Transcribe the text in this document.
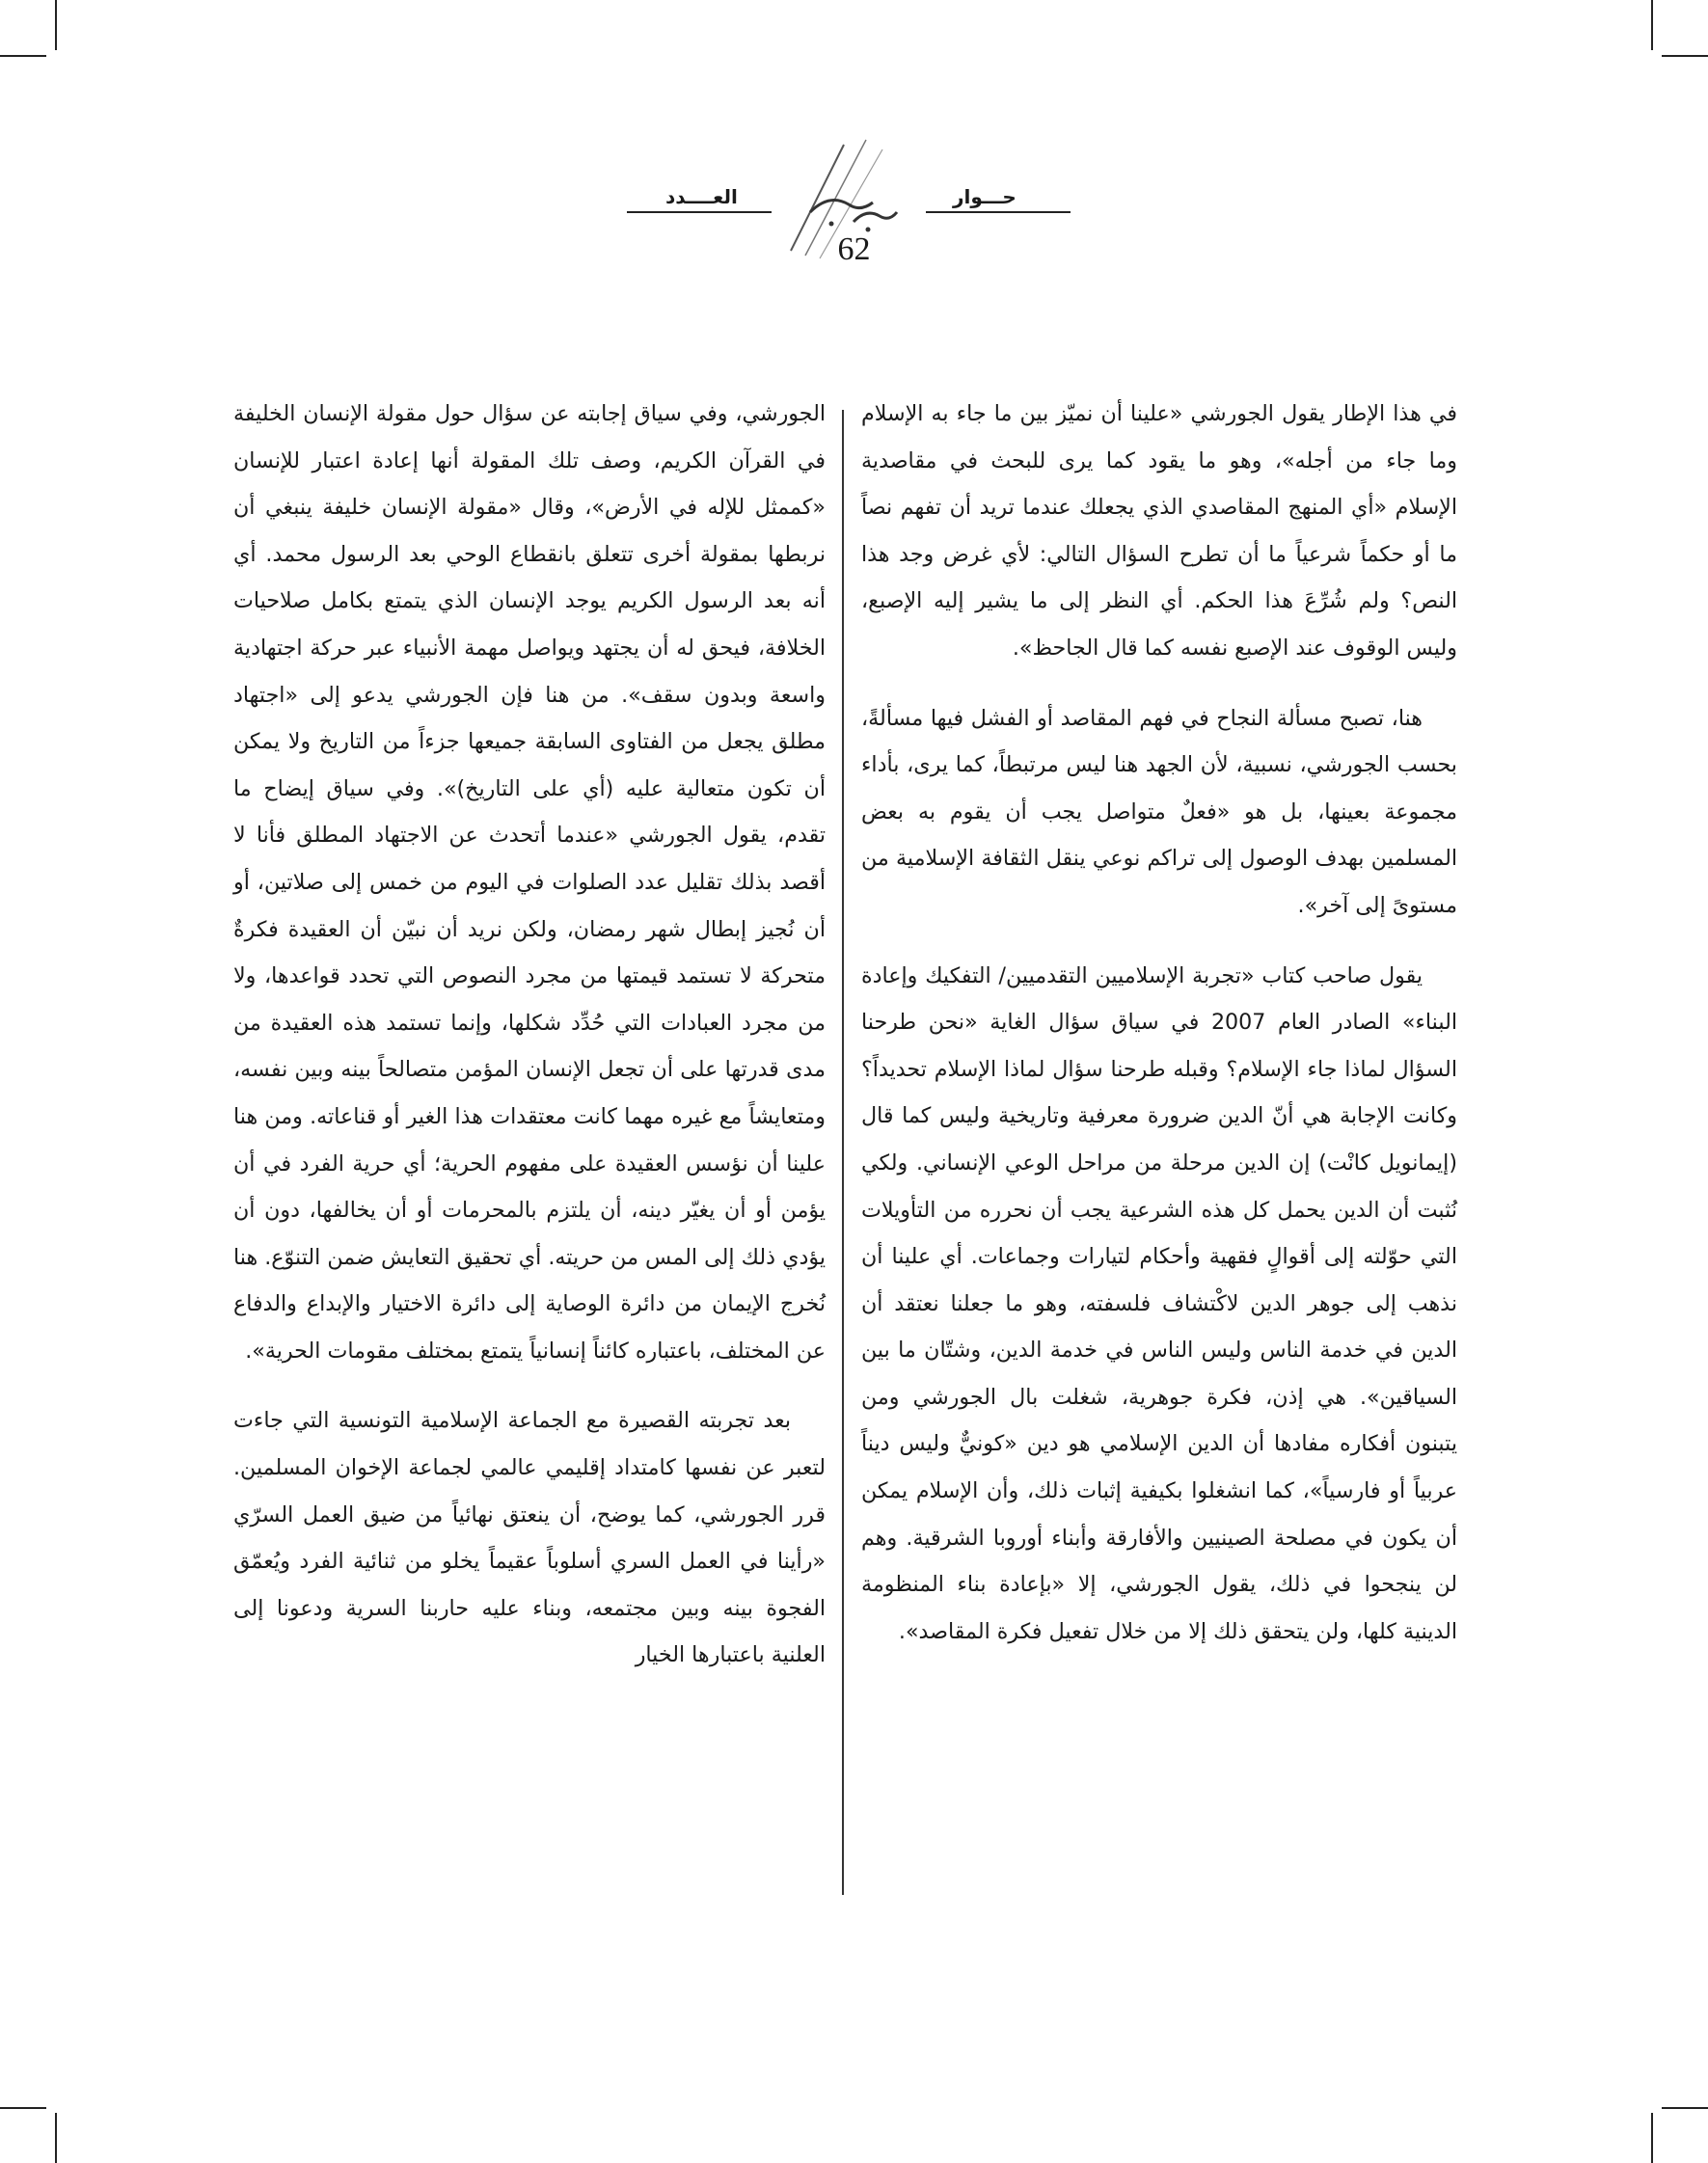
العــــدد	حـــوار
62

في هذا الإطار يقول الجورشي «علينا أن نميّز بين ما جاء به الإسلام وما جاء من أجله»، وهو ما يقود كما يرى للبحث في مقاصدية الإسلام «أي المنهج المقاصدي الذي يجعلك عندما تريد أن تفهم نصاً ما أو حكماً شرعياً ما أن تطرح السؤال التالي: لأي غرض وجد هذا النص؟ ولم شُرِّعَ هذا الحكم. أي النظر إلى ما يشير إليه الإصبع، وليس الوقوف عند الإصبع نفسه كما قال الجاحظ».

هنا، تصبح مسألة النجاح في فهم المقاصد أو الفشل فيها مسألةً، بحسب الجورشي، نسبية، لأن الجهد هنا ليس مرتبطاً، كما يرى، بأداء مجموعة بعينها، بل هو «فعلٌ متواصل يجب أن يقوم به بعض المسلمين بهدف الوصول إلى تراكم نوعي ينقل الثقافة الإسلامية من مستوىً إلى آخر».

يقول صاحب كتاب «تجربة الإسلاميين التقدميين/ التفكيك وإعادة البناء» الصادر العام 2007 في سياق سؤال الغاية «نحن طرحنا السؤال لماذا جاء الإسلام؟ وقبله طرحنا سؤال لماذا الإسلام تحديداً؟ وكانت الإجابة هي أنّ الدين ضرورة معرفية وتاريخية وليس كما قال (إيمانويل كانْت) إن الدين مرحلة من مراحل الوعي الإنساني. ولكي نُثبت أن الدين يحمل كل هذه الشرعية يجب أن نحرره من التأويلات التي حوّلته إلى أقوالٍ فقهية وأحكام لتيارات وجماعات. أي علينا أن نذهب إلى جوهر الدين لاكْتشاف فلسفته، وهو ما جعلنا نعتقد أن الدين في خدمة الناس وليس الناس في خدمة الدين، وشتّان ما بين السياقين». هي إذن، فكرة جوهرية، شغلت بال الجورشي ومن يتبنون أفكاره مفادها أن الدين الإسلامي هو دين «كونيٌّ وليس ديناً عربياً أو فارسياً»، كما انشغلوا بكيفية إثبات ذلك، وأن الإسلام يمكن أن يكون في مصلحة الصينيين والأفارقة وأبناء أوروبا الشرقية. وهم لن ينجحوا في ذلك، يقول الجورشي، إلا «بإعادة بناء المنظومة الدينية كلها، ولن يتحقق ذلك إلا من خلال تفعيل فكرة المقاصد».

الجورشي، وفي سياق إجابته عن سؤال حول مقولة الإنسان الخليفة في القرآن الكريم، وصف تلك المقولة أنها إعادة اعتبار للإنسان «كممثل للإله في الأرض»، وقال «مقولة الإنسان خليفة ينبغي أن نربطها بمقولة أخرى تتعلق بانقطاع الوحي بعد الرسول محمد. أي أنه بعد الرسول الكريم يوجد الإنسان الذي يتمتع بكامل صلاحيات الخلافة، فيحق له أن يجتهد ويواصل مهمة الأنبياء عبر حركة اجتهادية واسعة وبدون سقف». من هنا فإن الجورشي يدعو إلى «اجتهاد مطلق يجعل من الفتاوى السابقة جميعها جزءاً من التاريخ ولا يمكن أن تكون متعالية عليه (أي على التاريخ)». وفي سياق إيضاح ما تقدم، يقول الجورشي «عندما أتحدث عن الاجتهاد المطلق فأنا لا أقصد بذلك تقليل عدد الصلوات في اليوم من خمس إلى صلاتين، أو أن نُجيز إبطال شهر رمضان، ولكن نريد أن نبيّن أن العقيدة فكرةٌ متحركة لا تستمد قيمتها من مجرد النصوص التي تحدد قواعدها، ولا من مجرد العبادات التي حُدِّد شكلها، وإنما تستمد هذه العقيدة من مدى قدرتها على أن تجعل الإنسان المؤمن متصالحاً بينه وبين نفسه، ومتعايشاً مع غيره مهما كانت معتقدات هذا الغير أو قناعاته. ومن هنا علينا أن نؤسس العقيدة على مفهوم الحرية؛ أي حرية الفرد في أن يؤمن أو أن يغيّر دينه، أن يلتزم بالمحرمات أو أن يخالفها، دون أن يؤدي ذلك إلى المس من حريته. أي تحقيق التعايش ضمن التنوّع. هنا نُخرج الإيمان من دائرة الوصاية إلى دائرة الاختيار والإبداع والدفاع عن المختلف، باعتباره كائناً إنسانياً يتمتع بمختلف مقومات الحرية».

بعد تجربته القصيرة مع الجماعة الإسلامية التونسية التي جاءت لتعبر عن نفسها كامتداد إقليمي عالمي لجماعة الإخوان المسلمين. قرر الجورشي، كما يوضح، أن ينعتق نهائياً من ضيق العمل السرّي «رأينا في العمل السري أسلوباً عقيماً يخلو من ثنائية الفرد ويُعمّق الفجوة بينه وبين مجتمعه، وبناء عليه حاربنا السرية ودعونا إلى العلنية باعتبارها الخيار
